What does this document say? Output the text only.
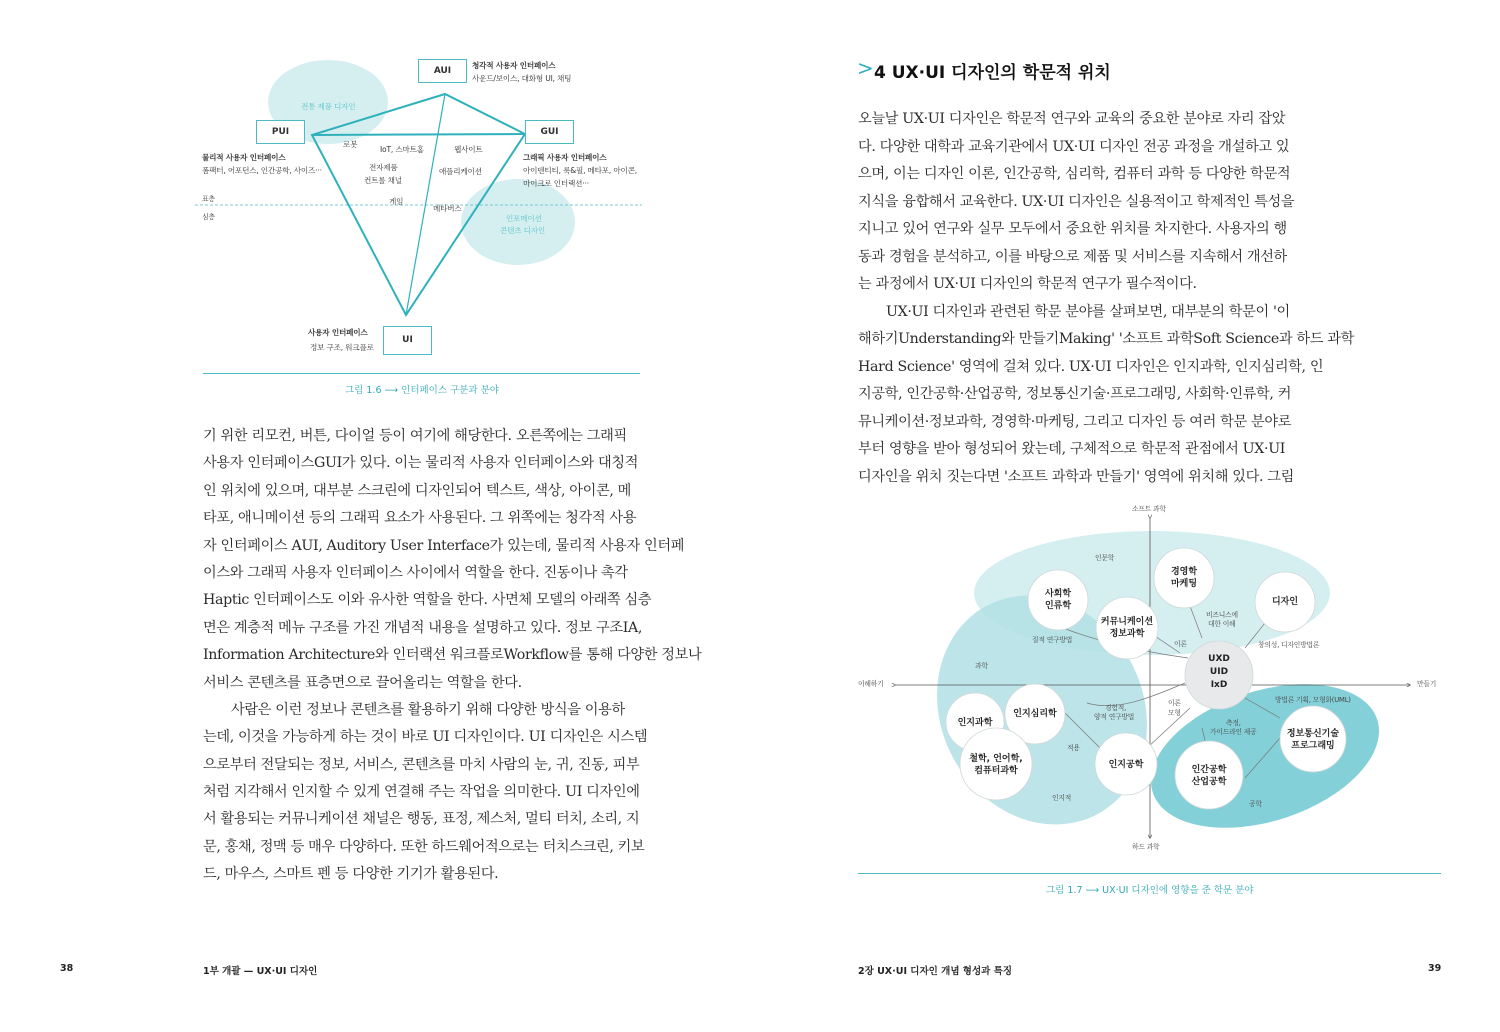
AUI
청각적 사용자 인터페이스
사운드/보이스, 대화형 UI, 채팅
전통 제품 디자인
PUI
물리적 사용자 인터페이스
폼팩터, 어포던스, 인간공학, 사이즈···
GUI
그래픽 사용자 인터페이스
아이덴티티, 룩&필, 메타포, 아이콘,
마이크로 인터랙션···
표층
심층
로봇
IoT, 스마트홈	웹사이트
전자제품
컨트롤 채널
애플리케이션
게임
메타버스
인포메이션
콘텐츠 디자인
사용자 인터페이스
정보 구조, 워크플로
UI
그림 1.6 ⟶ 인터페이스 구분과 분야
기 위한 리모컨, 버튼, 다이얼 등이 여기에 해당한다. 오른쪽에는 그래픽
사용자 인터페이스GUI가 있다. 이는 물리적 사용자 인터페이스와 대칭적
인 위치에 있으며, 대부분 스크린에 디자인되어 텍스트, 색상, 아이콘, 메
타포, 애니메이션 등의 그래픽 요소가 사용된다. 그 위쪽에는 청각적 사용
자 인터페이스 AUI, Auditory User Interface가 있는데, 물리적 사용자 인터페
이스와 그래픽 사용자 인터페이스 사이에서 역할을 한다. 진동이나 촉각
Haptic 인터페이스도 이와 유사한 역할을 한다. 사면체 모델의 아래쪽 심층
면은 계층적 메뉴 구조를 가진 개념적 내용을 설명하고 있다. 정보 구조IA,
Information Architecture와 인터랙션 워크플로Workflow를 통해 다양한 정보나
서비스 콘텐츠를 표층면으로 끌어올리는 역할을 한다.
사람은 이런 정보나 콘텐츠를 활용하기 위해 다양한 방식을 이용하
는데, 이것을 가능하게 하는 것이 바로 UI 디자인이다. UI 디자인은 시스템
으로부터 전달되는 정보, 서비스, 콘텐츠를 마치 사람의 눈, 귀, 진동, 피부
처럼 지각해서 인지할 수 있게 연결해 주는 작업을 의미한다. UI 디자인에
서 활용되는 커뮤니케이션 채널은 행동, 표정, 제스처, 멀티 터치, 소리, 지
문, 홍채, 정맥 등 매우 다양하다. 또한 하드웨어적으로는 터치스크린, 키보
드, 마우스, 스마트 펜 등 다양한 기기가 활용된다.
38	1부 개괄 — UX·UI 디자인
> 4 UX·UI 디자인의 학문적 위치
오늘날 UX·UI 디자인은 학문적 연구와 교육의 중요한 분야로 자리 잡았
다. 다양한 대학과 교육기관에서 UX·UI 디자인 전공 과정을 개설하고 있
으며, 이는 디자인 이론, 인간공학, 심리학, 컴퓨터 과학 등 다양한 학문적
지식을 융합해서 교육한다. UX·UI 디자인은 실용적이고 학제적인 특성을
지니고 있어 연구와 실무 모두에서 중요한 위치를 차지한다. 사용자의 행
동과 경험을 분석하고, 이를 바탕으로 제품 및 서비스를 지속해서 개선하
는 과정에서 UX·UI 디자인의 학문적 연구가 필수적이다.
UX·UI 디자인과 관련된 학문 분야를 살펴보면, 대부분의 학문이 '이
해하기Understanding와 만들기Making' '소프트 과학Soft Science과 하드 과학
Hard Science' 영역에 걸쳐 있다. UX·UI 디자인은 인지과학, 인지심리학, 인
지공학, 인간공학·산업공학, 정보통신기술·프로그래밍, 사회학·인류학, 커
뮤니케이션·정보과학, 경영학·마케팅, 그리고 디자인 등 여러 학문 분야로
부터 영향을 받아 형성되어 왔는데, 구체적으로 학문적 관점에서 UX·UI
디자인을 위치 짓는다면 '소프트 과학과 만들기' 영역에 위치해 있다. 그림
소프트 과학
하드 과학
이해하기	만들기
인문학
과학
인지적
공학
사회학
인류학
경영학
마케팅
디자인
커뮤니케이션
정보과학
UXD
UID
IxD
인지과학
인지심리학
철학, 언어학,
컴퓨터과학
인지공학	인간공학
산업공학
정보통신기술
프로그래밍
질적 연구방법
비즈니스에
대한 이해
이론	창의성, 디자인방법론
경험적,
양적 연구방법
이론
모형
방법론 기획, 모형화(UML)
적용
측정,
가이드라인 제공
그림 1.7 ⟶ UX·UI 디자인에 영향을 준 학문 분야
2장 UX·UI 디자인 개념 형성과 특징	39
